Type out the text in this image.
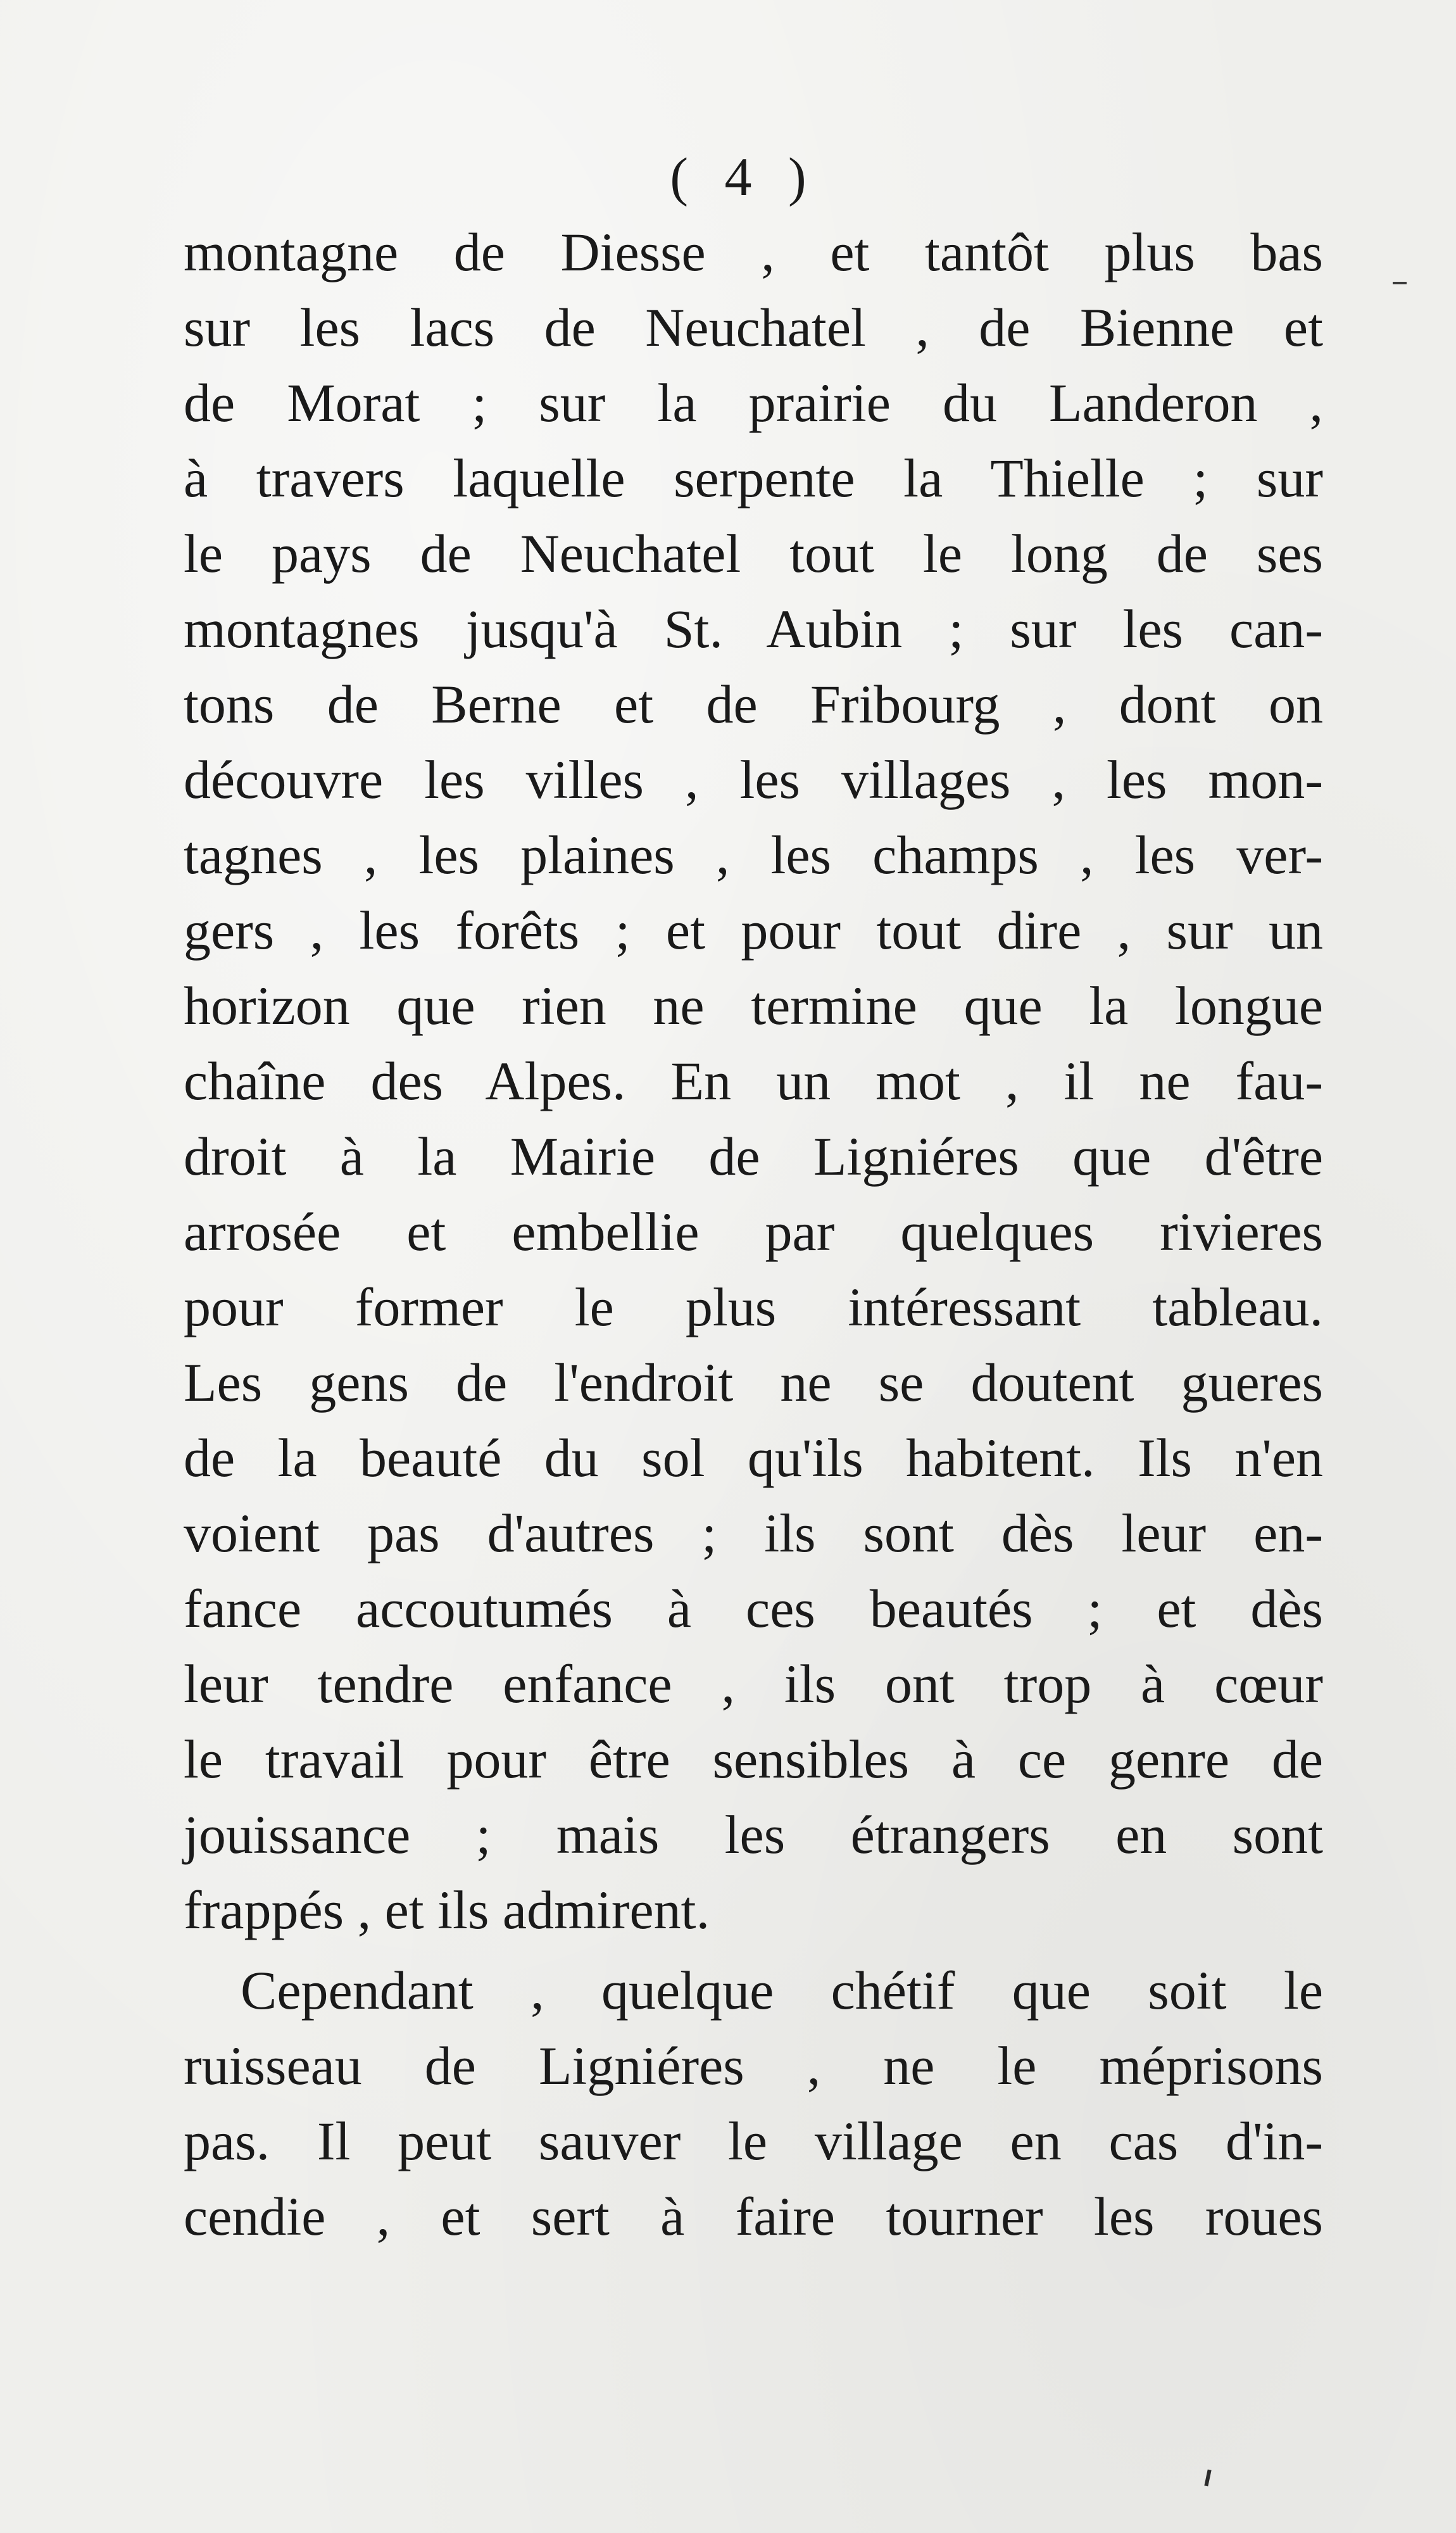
( 4 )
montagne de Diesse , et tantôt plus bas
sur les lacs de Neuchatel , de Bienne et
de Morat ; sur la prairie du Landeron ,
à travers laquelle serpente la Thielle ; sur
le pays de Neuchatel tout le long de ses
montagnes jusqu'à St. Aubin ; sur les can-
tons de Berne et de Fribourg , dont on
découvre les villes , les villages , les mon-
tagnes , les plaines , les champs , les ver-
gers , les forêts ; et pour tout dire , sur un
horizon que rien ne termine que la longue
chaîne des Alpes. En un mot , il ne fau-
droit à la Mairie de Ligniéres que d'être
arrosée et embellie par quelques rivieres
pour former le plus intéressant tableau.
Les gens de l'endroit ne se doutent gueres
de la beauté du sol qu'ils habitent. Ils n'en
voient pas d'autres ; ils sont dès leur en-
fance accoutumés à ces beautés ; et dès
leur tendre enfance , ils ont trop à cœur
le travail pour être sensibles à ce genre de
jouissance ; mais les étrangers en sont
frappés , et ils admirent.
Cependant , quelque chétif que soit le
ruisseau de Ligniéres , ne le méprisons
pas. Il peut sauver le village en cas d'in-
cendie , et sert à faire tourner les roues
